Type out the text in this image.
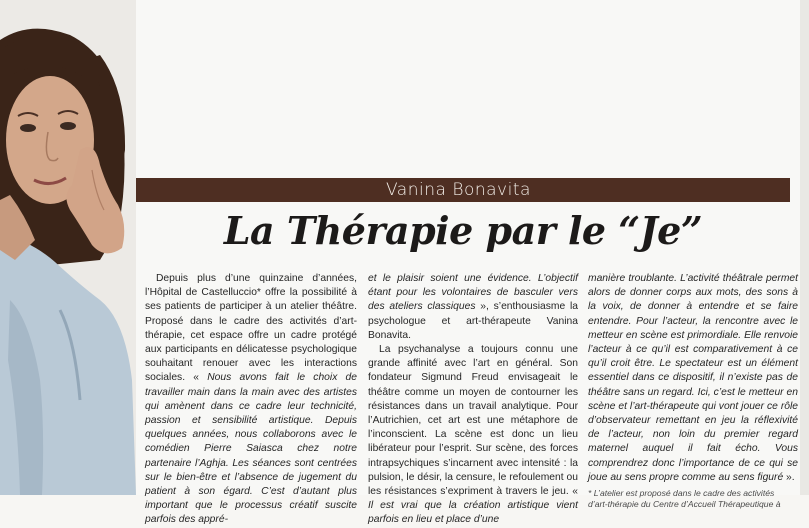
Vanina Bonavita
La Thérapie par le “Je”

Depuis plus d’une quinzaine d’années, l’Hôpital de Castelluccio* offre la possibilité à ses patients de participer à un atelier théâtre. Proposé dans le cadre des activités d’art-thérapie, cet espace offre un cadre protégé aux participants en délicatesse psychologique souhaitant renouer avec les interactions sociales. « Nous avons fait le choix de travailler main dans la main avec des artistes qui amènent dans ce cadre leur technicité, passion et sensibilité artistique. Depuis quelques années, nous collaborons avec le comédien Pierre Saiasca chez notre partenaire l’Aghja. Les séances sont centrées sur le bien-être et l’absence de jugement du patient à son égard. C’est d’autant plus important que le processus créatif suscite parfois des appré-

et le plaisir soient une évidence. L’objectif étant pour les volontaires de basculer vers des ateliers classiques », s’enthousiasme la psychologue et art-thérapeute Vanina Bonavita.

La psychanalyse a toujours connu une grande affinité avec l’art en général. Son fondateur Sigmund Freud envisageait le théâtre comme un moyen de contourner les résistances dans un travail analytique. Pour l’Autrichien, cet art est une métaphore de l’inconscient. La scène est donc un lieu libérateur pour l’esprit. Sur scène, des forces intrapsychiques s’incarnent avec intensité : la pulsion, le désir, la censure, le refoulement ou les résistances s’expriment à travers le jeu. « Il est vrai que la création artistique vient parfois en lieu et place d’une

manière troublante. L’activité théâtrale permet alors de donner corps aux mots, des sons à la voix, de donner à entendre et se faire entendre. Pour l’acteur, la rencontre avec le metteur en scène est primordiale. Elle renvoie l’acteur à ce qu’il est comparativement à ce qu’il croit être. Le spectateur est un élément essentiel dans ce dispositif, il n’existe pas de théâtre sans un regard. Ici, c’est le metteur en scène et l’art-thérapeute qui vont jouer ce rôle d’observateur remettant en jeu la réflexivité de l’acteur, non loin du premier regard maternel auquel il fait écho. Vous comprendrez donc l’importance de ce qui se joue au sens propre comme au sens figuré ».

* L’atelier est proposé dans le cadre des activités
d’art-thérapie du Centre d’Accueil Thérapeutique à
